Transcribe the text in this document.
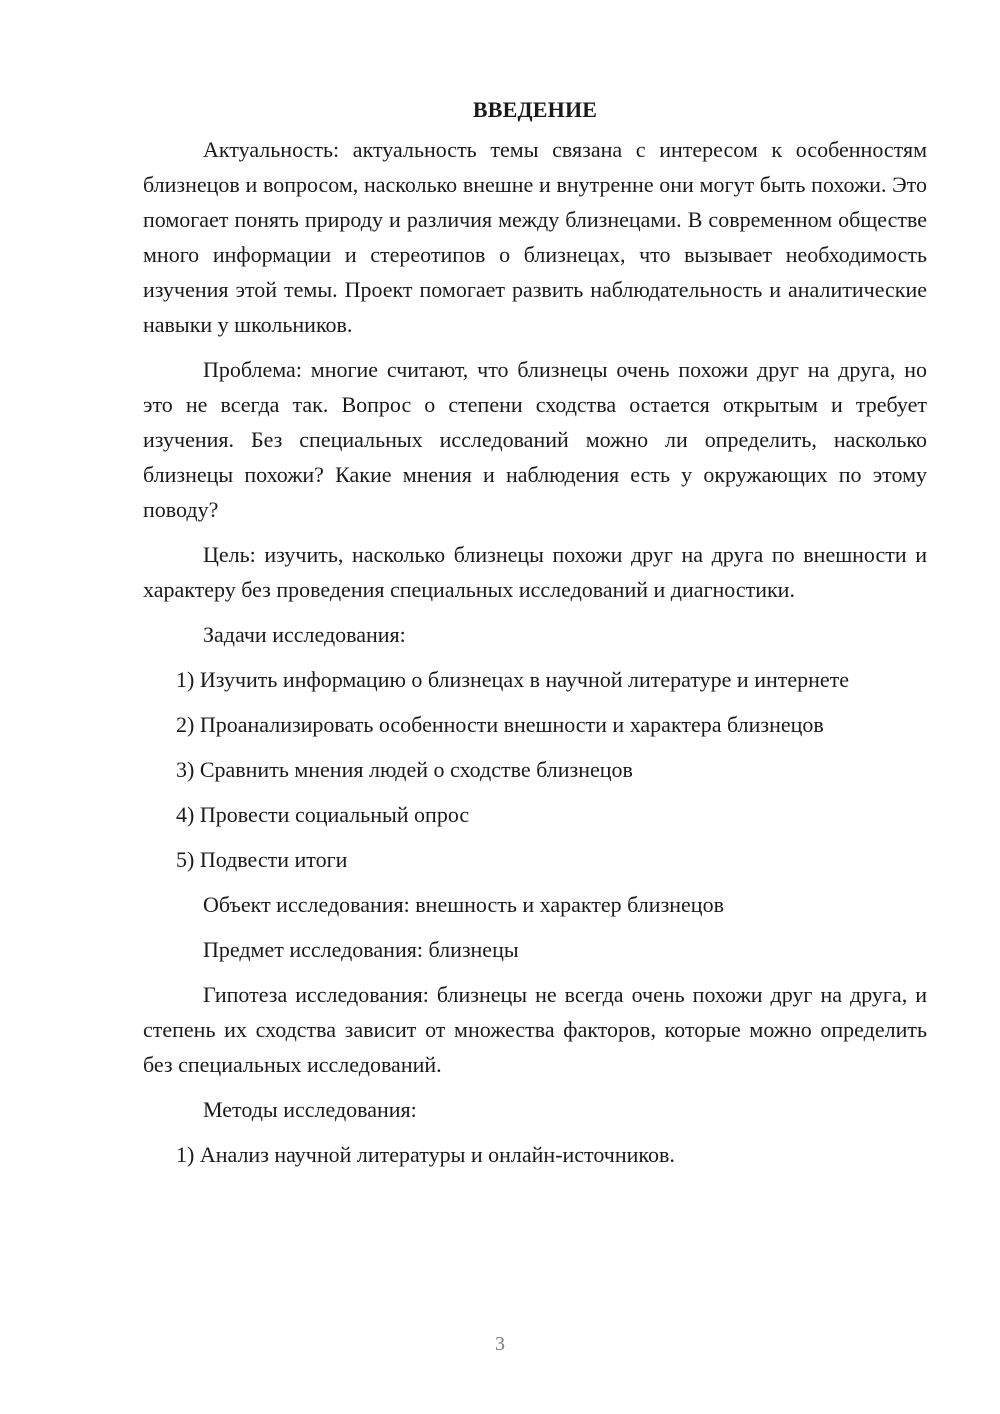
ВВЕДЕНИЕ

Актуальность: актуальность темы связана с интересом к особенностям близнецов и вопросом, насколько внешне и внутренне они могут быть похожи. Это помогает понять природу и различия между близнецами. В современном обществе много информации и стереотипов о близнецах, что вызывает необходимость изучения этой темы. Проект помогает развить наблюдательность и аналитические навыки у школьников.

Проблема: многие считают, что близнецы очень похожи друг на друга, но это не всегда так. Вопрос о степени сходства остается открытым и требует изучения. Без специальных исследований можно ли определить, насколько близнецы похожи? Какие мнения и наблюдения есть у окружающих по этому поводу?

Цель: изучить, насколько близнецы похожи друг на друга по внешности и характеру без проведения специальных исследований и диагностики.

Задачи исследования:

1) Изучить информацию о близнецах в научной литературе и интернете

2) Проанализировать особенности внешности и характера близнецов

3) Сравнить мнения людей о сходстве близнецов

4) Провести социальный опрос

5) Подвести итоги

Объект исследования: внешность и характер близнецов

Предмет исследования: близнецы

Гипотеза исследования: близнецы не всегда очень похожи друг на друга, и степень их сходства зависит от множества факторов, которые можно определить без специальных исследований.

Методы исследования:

1) Анализ научной литературы и онлайн-источников.

3
